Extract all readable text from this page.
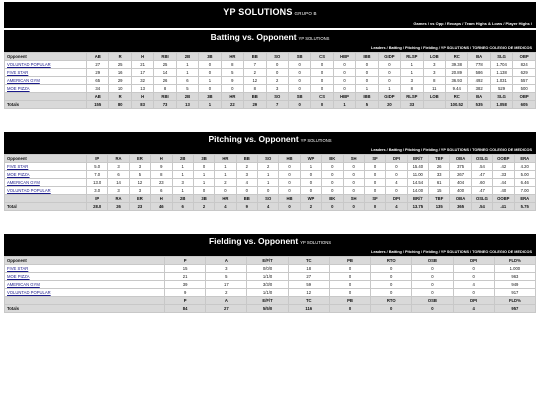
YP SOLUTIONS GRUPO B
Games / vs Opp / Recaps / Team Highs & Lows / Player Highs /
Batting vs. Opponent YP SOLUTIONS
Leaders / Batting / Pitching / Fielding / YP SOLUTIONS / TORNEO COLEGIO DE MEDICOS
Opponent	AB	R	H	RBI	2B	3B	HR	BB	SO	SB	CS	HBP	IBB	GIDP	RLSP	LOB	RC	BA	SLG	OBP
VOLUNTAD POPULAR	27	25	21	25	1	0	8	7	0	0	0	0	0	0	1	3	39.38	778	1.704	824
FIVE STAR	29	16	17	14	1	0	5	2	0	0	0	0	0	0	1	3	20.89	586	1.138	629
AMERICAN GYM	65	29	32	26	6	1	9	12	2	0	0	0	0	0	3	8	36.93	492	1.031	557
MOE PIZZA	34	10	13	8	5	0	0	8	3	0	0	0	1	1	8	11	9.44	382	529	500
	AB	R	H	RBI	2B	3B	HR	BB	SO	SB	CS	HBP	IBB	GIDP	RLSP	LOB	RC	BA	SLG	OBP
Totals	155	80	83	73	13	1	22	29	7	0	0	1	5	20	33		100.52	535	1.058	605
Pitching vs. Opponent YP SOLUTIONS
Leaders / Batting / Pitching / Fielding / YP SOLUTIONS / TORNEO COLEGIO DE MEDICOS
Opponent	IP	RA	ER	H	2B	3B	HR	BB	SO	HB	WP	BK	SH	SF	DPI	BR/7	TBF	OBA	OSLG	OOBP	ERA
FIVE STAR	5.0	3	3	9	1	0	1	2	2	0	1	0	0	0	0	15.40	26	375	.54	.42	4.20
MOE PIZZA	7.0	6	5	8	1	1	1	3	1	0	0	0	0	0	0	11.00	33	267	.47	.33	5.00
AMERICAN GYM	13.0	14	12	23	3	1	2	4	1	0	0	0	0	0	4	14.54	61	404	.60	.44	6.46
VOLUNTAD POPULAR	3.0	3	3	6	1	0	0	0	0	0	0	0	0	0	0	14.00	15	400	.47	.40	7.00
	IP	RA	ER	H	2B	3B	HR	BB	SO	HB	WP	BK	SH	SF	DPI	BR/7	TBF	OBA	OSLG	OOBP	ERA
Total	28.0	26	23	46	6	2	4	9	4	0	2	0	0	0	4	13.75	135	365	.54	.41	5.75
Fielding vs. Opponent YP SOLUTIONS
Leaders / Batting / Pitching / Fielding / YP SOLUTIONS / TORNEO COLEGIO DE MEDICOS
Opponent	P	A	E/F/T	TC	PB	RTO	OSB	DPI	FLD%
FIVE STAR	15	3	0/0/0	18	0	0	0	0	1.000
MOE PIZZA	21	5	1/1/0	27	0	0	0	0	963
AMERICAN GYM	39	17	3/3/0	59	0	0	0	4	949
VOLUNTAD POPULAR	9	2	1/1/0	12	0	0	0	0	917
	P	A	E/F/T	TC	PB	RTO	OSB	DPI	FLD%
Totals	84	27	5/5/0	116	0	0	0	4	957
